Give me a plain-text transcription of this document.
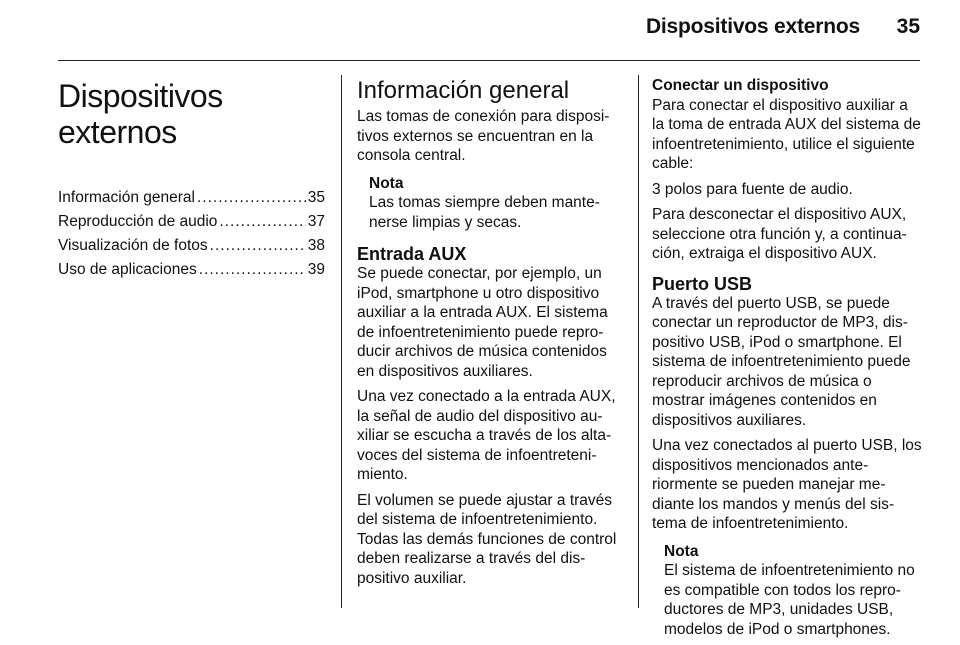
Dispositivos externos 35
Dispositivos externos
Información general .....	35
Reproducción de audio .....	37
Visualización de fotos .....	38
Uso de aplicaciones .....	39
Información general

Las tomas de conexión para dispositivos externos se encuentran en la consola central.

Nota
Las tomas siempre deben mantenerse limpias y secas.
Entrada AUX

Se puede conectar, por ejemplo, un iPod, smartphone u otro dispositivo auxiliar a la entrada AUX. El sistema de infoentretenimiento puede reproducir archivos de música contenidos en dispositivos auxiliares.

Una vez conectado a la entrada AUX, la señal de audio del dispositivo auxiliar se escucha a través de los altavoces del sistema de infoentretenimiento.

El volumen se puede ajustar a través del sistema de infoentretenimiento. Todas las demás funciones de control deben realizarse a través del dispositivo auxiliar.

Conectar un dispositivo

Para conectar el dispositivo auxiliar a la toma de entrada AUX del sistema de infoentretenimiento, utilice el siguiente cable:

3 polos para fuente de audio.

Para desconectar el dispositivo AUX, seleccione otra función y, a continuación, extraiga el dispositivo AUX.

Puerto USB

A través del puerto USB, se puede conectar un reproductor de MP3, dispositivo USB, iPod o smartphone. El sistema de infoentretenimiento puede reproducir archivos de música o mostrar imágenes contenidos en dispositivos auxiliares.

Una vez conectados al puerto USB, los dispositivos mencionados anteriormente se pueden manejar mediante los mandos y menús del sistema de infoentretenimiento.

Nota
El sistema de infoentretenimiento no es compatible con todos los reproductores de MP3, unidades USB, modelos de iPod o smartphones.
